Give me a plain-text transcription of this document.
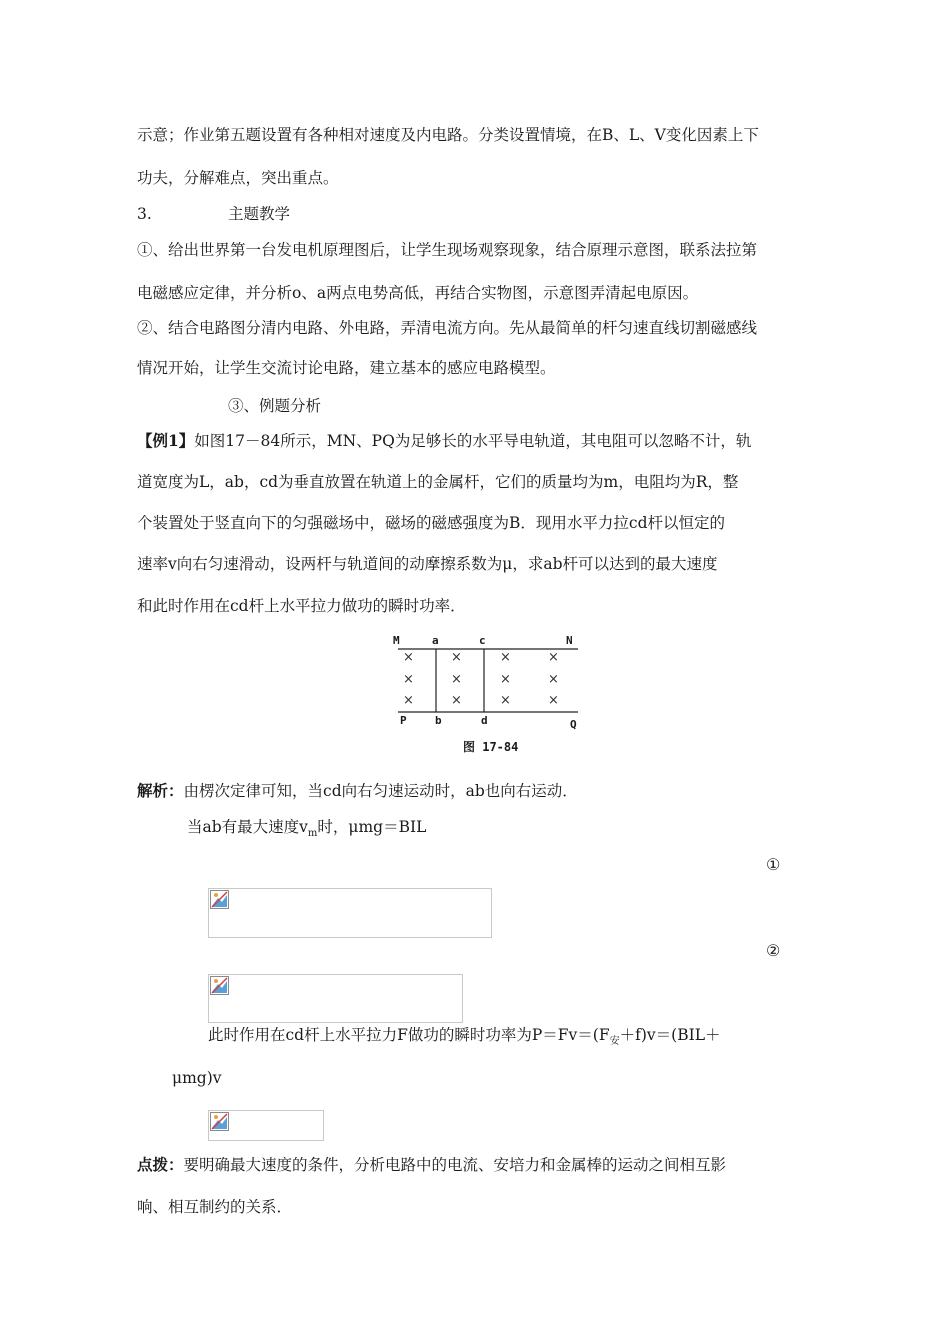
示意；作业第五题设置有各种相对速度及内电路。分类设置情境，在B、L、V变化因素上下
功夫，分解难点，突出重点。
3.	主题教学
①、给出世界第一台发电机原理图后，让学生现场观察现象，结合原理示意图，联系法拉第
电磁感应定律，并分析o、a两点电势高低，再结合实物图，示意图弄清起电原因。
②、结合电路图分清内电路、外电路，弄清电流方向。先从最简单的杆匀速直线切割磁感线
情况开始，让学生交流讨论电路，建立基本的感应电路模型。
③、例题分析
【例1】如图17－84所示，MN、PQ为足够长的水平导电轨道，其电阻可以忽略不计，轨
道宽度为L，ab，cd为垂直放置在轨道上的金属杆，它们的质量均为m，电阻均为R，整
个装置处于竖直向下的匀强磁场中，磁场的磁感强度为B．现用水平力拉cd杆以恒定的
速率v向右匀速滑动，设两杆与轨道间的动摩擦系数为μ，求ab杆可以达到的最大速度
和此时作用在cd杆上水平拉力做功的瞬时功率．
M	a	c	N
×	×	×	×
×	×	×	×
×	×	×	×
P	b	d	Q
图 17-84
解析：由楞次定律可知，当cd向右匀速运动时，ab也向右运动．
当ab有最大速度$v_m$时，μmg＝BIL
①
②
此时作用在cd杆上水平拉力F做功的瞬时功率为$P=Fv=(F_安+f)v=(BIL+$
μmg)v
点拨：要明确最大速度的条件，分析电路中的电流、安培力和金属棒的运动之间相互影
响、相互制约的关系．
